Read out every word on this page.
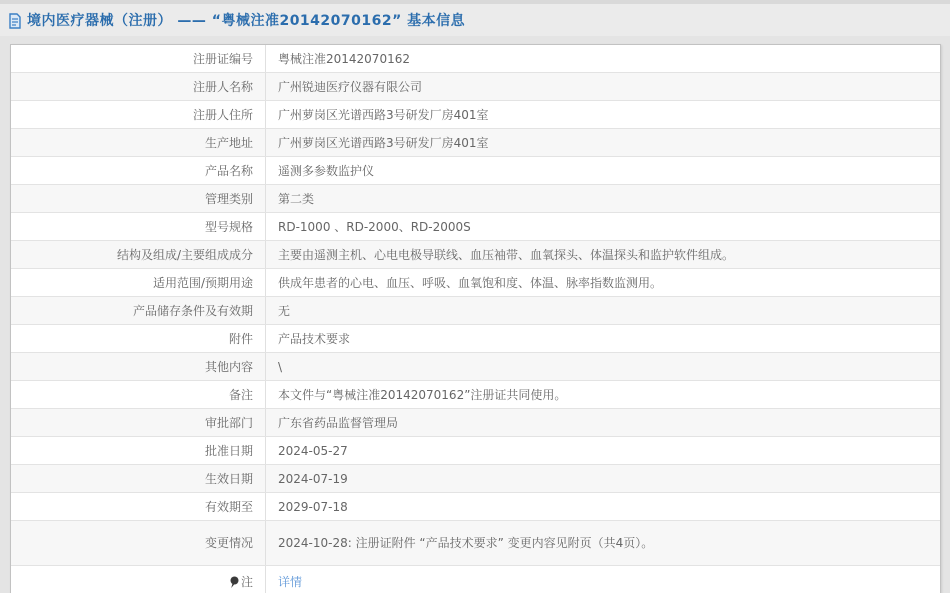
境内医疗器械（注册） —— “粤械注准20142070162” 基本信息
注册证编号	粤械注准20142070162
注册人名称	广州锐迪医疗仪器有限公司
注册人住所	广州萝岗区光谱西路3号研发厂房401室
生产地址	广州萝岗区光谱西路3号研发厂房401室
产品名称	遥测多参数监护仪
管理类别	第二类
型号规格	RD-1000 、RD-2000、RD-2000S
结构及组成/主要组成成分	主要由遥测主机、心电电极导联线、血压袖带、血氧探头、体温探头和监护软件组成。
适用范围/预期用途	供成年患者的心电、血压、呼吸、血氧饱和度、体温、脉率指数监测用。
产品储存条件及有效期	无
附件	产品技术要求
其他内容	\
备注	本文件与“粤械注准20142070162”注册证共同使用。
审批部门	广东省药品监督管理局
批准日期	2024-05-27
生效日期	2024-07-19
有效期至	2029-07-18
变更情况	2024-10-28: 注册证附件 “产品技术要求” 变更内容见附页（共4页）。
注	详情
